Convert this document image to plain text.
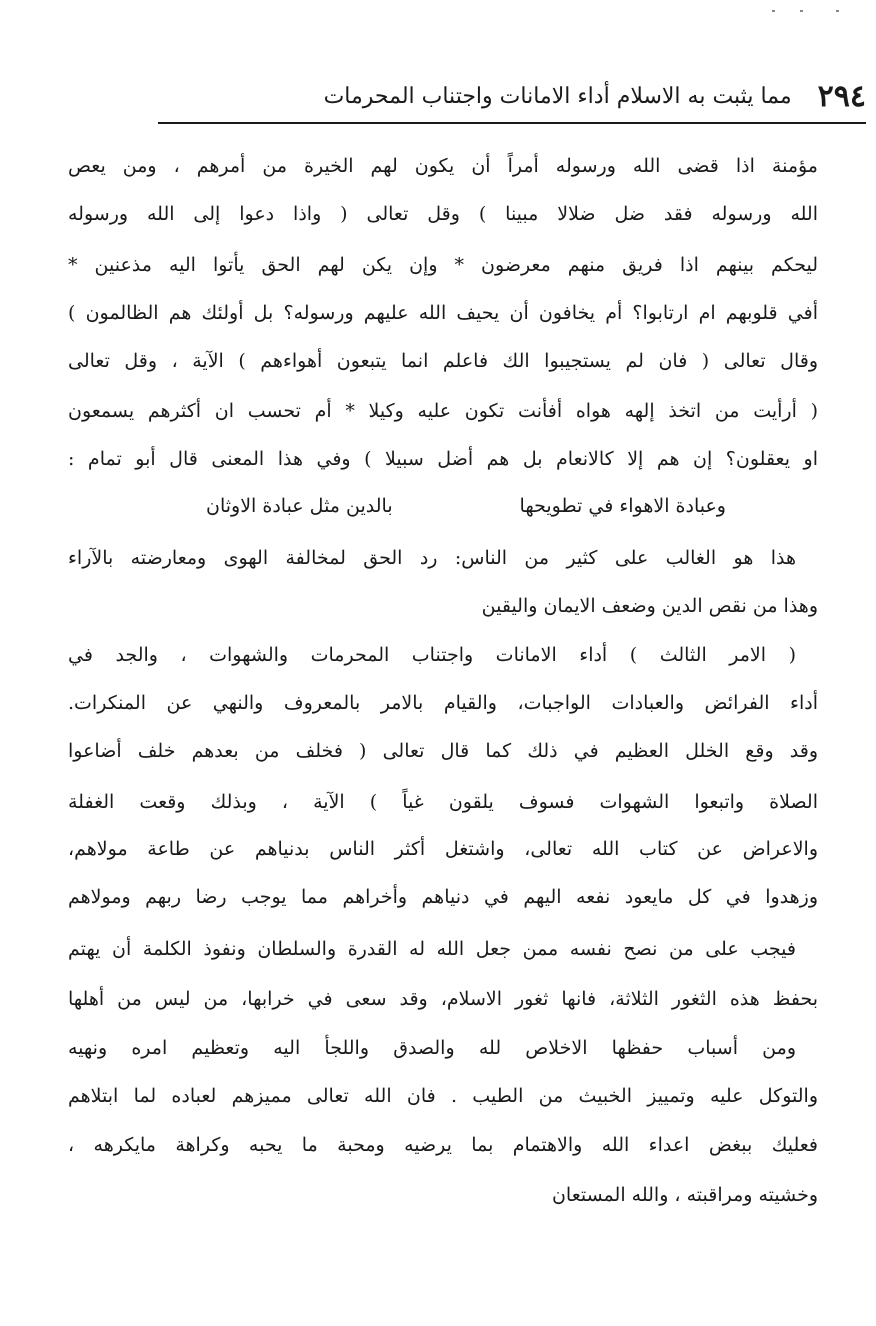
٢٩٤
مما يثبت به الاسلام أداء الامانات واجتناب المحرمات
مؤمنة اذا قضى الله ورسوله أمراً أن يكون لهم الخيرة من أمرهم ، ومن يعص
الله ورسوله فقد ضل ضلالا مبينا ) وقل تعالى ( واذا دعوا إلى الله ورسوله
ليحكم بينهم اذا فريق منهم معرضون * وإن يكن لهم الحق يأتوا اليه مذعنين *
أفي قلوبهم ام ارتابوا؟ أم يخافون أن يحيف الله عليهم ورسوله؟ بل أولئك هم الظالمون )
وقال تعالى ( فان لم يستجيبوا الك فاعلم انما يتبعون أهواءهم ) الآية ، وقل تعالى
( أرأيت من اتخذ إلهه هواه أفأنت تكون عليه وكيلا * أم تحسب ان أكثرهم يسمعون
او يعقلون؟ إن هم إلا كالانعام بل هم أضل سبيلا ) وفي هذا المعنى قال أبو تمام :
وعبادة الاهواء في تطويحها
بالدين مثل عبادة الاوثان
هذا هو الغالب على كثير من الناس: رد الحق لمخالفة الهوى ومعارضته بالآراء
وهذا من نقص الدين وضعف الايمان واليقين
( الامر الثالث ) أداء الامانات واجتناب المحرمات والشهوات ، والجد في
أداء الفرائض والعبادات الواجبات، والقيام بالامر بالمعروف والنهي عن المنكرات.
وقد وقع الخلل العظيم في ذلك كما قال تعالى ( فخلف من بعدهم خلف أضاعوا
الصلاة واتبعوا الشهوات فسوف يلقون غياً ) الآية ، وبذلك وقعت الغفلة
والاعراض عن كتاب الله تعالى، واشتغل أكثر الناس بدنياهم عن طاعة مولاهم،
وزهدوا في كل مايعود نفعه اليهم في دنياهم وأخراهم مما يوجب رضا ربهم ومولاهم
فيجب على من نصح نفسه ممن جعل الله له القدرة والسلطان ونفوذ الكلمة أن يهتم
بحفظ هذه الثغور الثلاثة، فانها ثغور الاسلام، وقد سعى في خرابها، من ليس من أهلها
ومن أسباب حفظها الاخلاص لله والصدق واللجأ اليه وتعظيم امره ونهيه
والتوكل عليه وتمييز الخبيث من الطيب . فان الله تعالى مميزهم لعباده لما ابتلاهم
فعليك ببغض اعداء الله والاهتمام بما يرضيه ومحبة ما يحبه وكراهة مايكرهه ،
وخشيته ومراقبته ، والله المستعان
